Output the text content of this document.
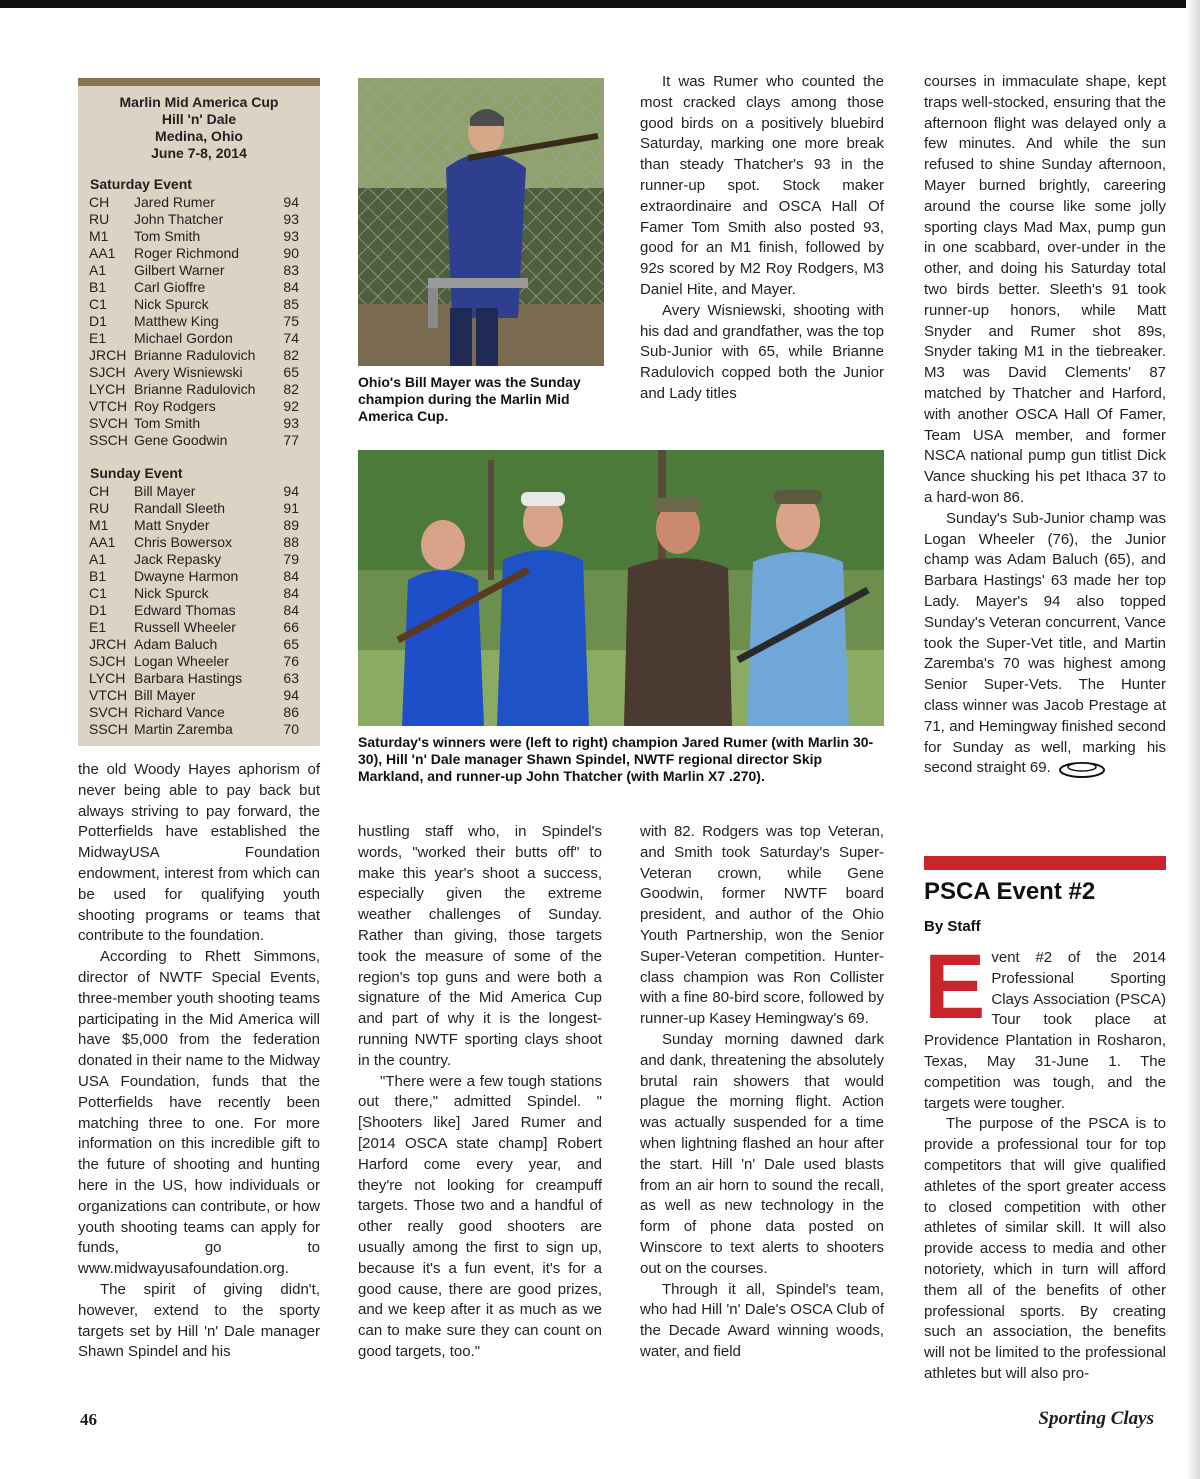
Marlin Mid America Cup
Hill 'n' Dale
Medina, Ohio
June 7-8, 2014
Saturday Event
CH	Jared Rumer	94
RU	John Thatcher	93
M1	Tom Smith	93
AA1	Roger Richmond	90
A1	Gilbert Warner	83
B1	Carl Gioffre	84
C1	Nick Spurck	85
D1	Matthew King	75
E1	Michael Gordon	74
JRCH	Brianne Radulovich	82
SJCH	Avery Wisniewski	65
LYCH	Brianne Radulovich	82
VTCH	Roy Rodgers	92
SVCH	Tom Smith	93
SSCH	Gene Goodwin	77
Sunday Event
CH	Bill Mayer	94
RU	Randall Sleeth	91
M1	Matt Snyder	89
AA1	Chris Bowersox	88
A1	Jack Repasky	79
B1	Dwayne Harmon	84
C1	Nick Spurck	84
D1	Edward Thomas	84
E1	Russell Wheeler	66
JRCH	Adam Baluch	65
SJCH	Logan Wheeler	76
LYCH	Barbara Hastings	63
VTCH	Bill Mayer	94
SVCH	Richard Vance	86
SSCH	Martin Zaremba	70

the old Woody Hayes aphorism of never being able to pay back but always striving to pay forward, the Potterfields have established the MidwayUSA Foundation endowment, interest from which can be used for qualifying youth shooting programs or teams that contribute to the foundation.

According to Rhett Simmons, director of NWTF Special Events, three-member youth shooting teams participating in the Mid America will have $5,000 from the federation donated in their name to the Midway USA Foundation, funds that the Potterfields have recently been matching three to one. For more information on this incredible gift to the future of shooting and hunting here in the US, how individuals or organizations can contribute, or how youth shooting teams can apply for funds, go to www.midwayusafoundation.org.

The spirit of giving didn't, however, extend to the sporty targets set by Hill 'n' Dale manager Shawn Spindel and his

Ohio's Bill Mayer was the Sunday champion during the Marlin Mid America Cup.

It was Rumer who counted the most cracked clays among those good birds on a positively bluebird Saturday, marking one more break than steady Thatcher's 93 in the runner-up spot. Stock maker extraordinaire and OSCA Hall Of Famer Tom Smith also posted 93, good for an M1 finish, followed by 92s scored by M2 Roy Rodgers, M3 Daniel Hite, and Mayer.

Avery Wisniewski, shooting with his dad and grandfather, was the top Sub-Junior with 65, while Brianne Radulovich copped both the Junior and Lady titles

Saturday's winners were (left to right) champion Jared Rumer (with Marlin 30-30), Hill 'n' Dale manager Shawn Spindel, NWTF regional director Skip Markland, and runner-up John Thatcher (with Marlin X7 .270).

hustling staff who, in Spindel's words, "worked their butts off" to make this year's shoot a success, especially given the extreme weather challenges of Sunday. Rather than giving, those targets took the measure of some of the region's top guns and were both a signature of the Mid America Cup and part of why it is the longest-running NWTF sporting clays shoot in the country.

"There were a few tough stations out there," admitted Spindel. "[Shooters like] Jared Rumer and [2014 OSCA state champ] Robert Harford come every year, and they're not looking for creampuff targets. Those two and a handful of other really good shooters are usually among the first to sign up, because it's a fun event, it's for a good cause, there are good prizes, and we keep after it as much as we can to make sure they can count on good targets, too."

with 82. Rodgers was top Veteran, and Smith took Saturday's Super-Veteran crown, while Gene Goodwin, former NWTF board president, and author of the Ohio Youth Partnership, won the Senior Super-Veteran competition. Hunter-class champion was Ron Collister with a fine 80-bird score, followed by runner-up Kasey Hemingway's 69.

Sunday morning dawned dark and dank, threatening the absolutely brutal rain showers that would plague the morning flight. Action was actually suspended for a time when lightning flashed an hour after the start. Hill 'n' Dale used blasts from an air horn to sound the recall, as well as new technology in the form of phone data posted on Winscore to text alerts to shooters out on the courses.

Through it all, Spindel's team, who had Hill 'n' Dale's OSCA Club of the Decade Award winning woods, water, and field

courses in immaculate shape, kept traps well-stocked, ensuring that the afternoon flight was delayed only a few minutes. And while the sun refused to shine Sunday afternoon, Mayer burned brightly, careering around the course like some jolly sporting clays Mad Max, pump gun in one scabbard, over-under in the other, and doing his Saturday total two birds better. Sleeth's 91 took runner-up honors, while Matt Snyder and Rumer shot 89s, Snyder taking M1 in the tiebreaker. M3 was David Clements' 87 matched by Thatcher and Harford, with another OSCA Hall Of Famer, Team USA member, and former NSCA national pump gun titlist Dick Vance shucking his pet Ithaca 37 to a hard-won 86.

Sunday's Sub-Junior champ was Logan Wheeler (76), the Junior champ was Adam Baluch (65), and Barbara Hastings' 63 made her top Lady. Mayer's 94 also topped Sunday's Veteran concurrent, Vance took the Super-Vet title, and Martin Zaremba's 70 was highest among Senior Super-Vets. The Hunter class winner was Jacob Prestage at 71, and Hemingway finished second for Sunday as well, marking his second straight 69.

PSCA Event #2
By Staff

Event #2 of the 2014 Professional Sporting Clays Association (PSCA) Tour took place at Providence Plantation in Rosharon, Texas, May 31-June 1. The competition was tough, and the targets were tougher.

The purpose of the PSCA is to provide a professional tour for top competitors that will give qualified athletes of the sport greater access to closed competition with other athletes of similar skill. It will also provide access to media and other notoriety, which in turn will afford them all of the benefits of other professional sports. By creating such an association, the benefits will not be limited to the professional athletes but will also pro-

46	Sporting Clays
